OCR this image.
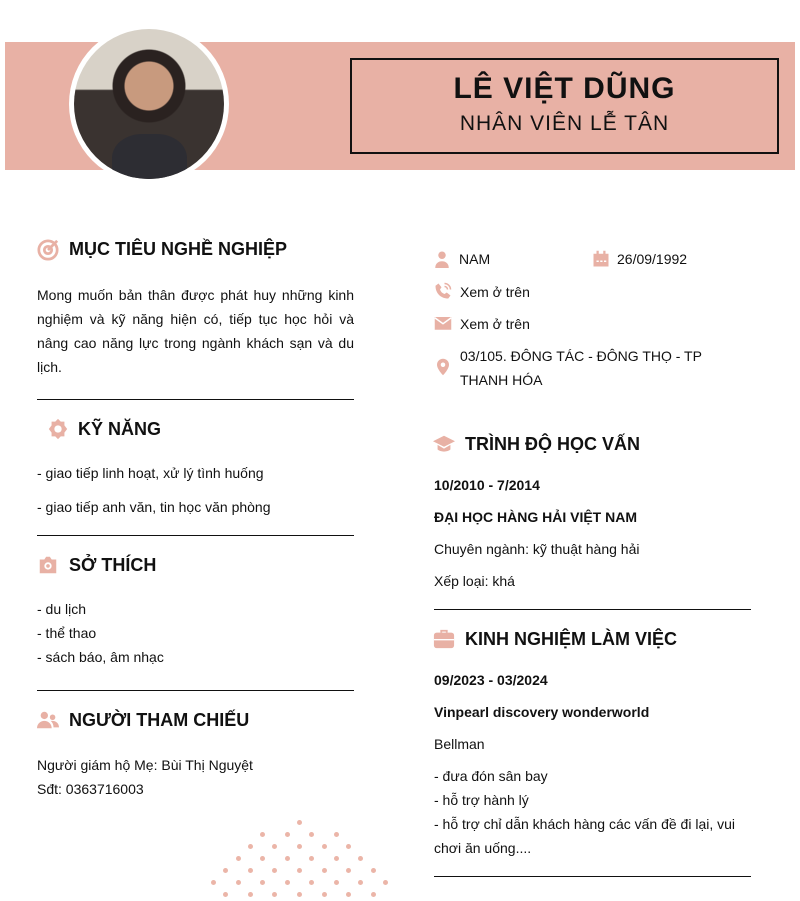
LÊ VIỆT DŨNG
NHÂN VIÊN LỄ TÂN
MỤC TIÊU NGHỀ NGHIỆP
Mong muốn bản thân được phát huy những kinh nghiệm và kỹ năng hiện có, tiếp tục học hỏi và nâng cao năng lực trong ngành khách sạn và du lịch.
KỸ NĂNG
- giao tiếp linh hoạt, xử lý tình huống
- giao tiếp anh văn, tin học văn phòng
SỞ THÍCH
- du lịch
- thể thao
- sách báo, âm nhạc
NGƯỜI THAM CHIẾU
Người giám hộ Mẹ: Bùi Thị Nguyệt
Sđt: 0363716003
NAM	26/09/1992
Xem ở trên
Xem ở trên
03/105. ĐÔNG TÁC - ĐÔNG THỌ - TP THANH HÓA
TRÌNH ĐỘ HỌC VẤN
10/2010 - 7/2014
ĐẠI HỌC HÀNG HẢI VIỆT NAM
Chuyên ngành: kỹ thuật hàng hải
Xếp loại: khá
KINH NGHIỆM LÀM VIỆC
09/2023 - 03/2024
Vinpearl discovery wonderworld
Bellman
- đưa đón sân bay
- hỗ trợ hành lý
- hỗ trợ chỉ dẫn khách hàng các vấn đề đi lại, vui chơi ăn uống....
